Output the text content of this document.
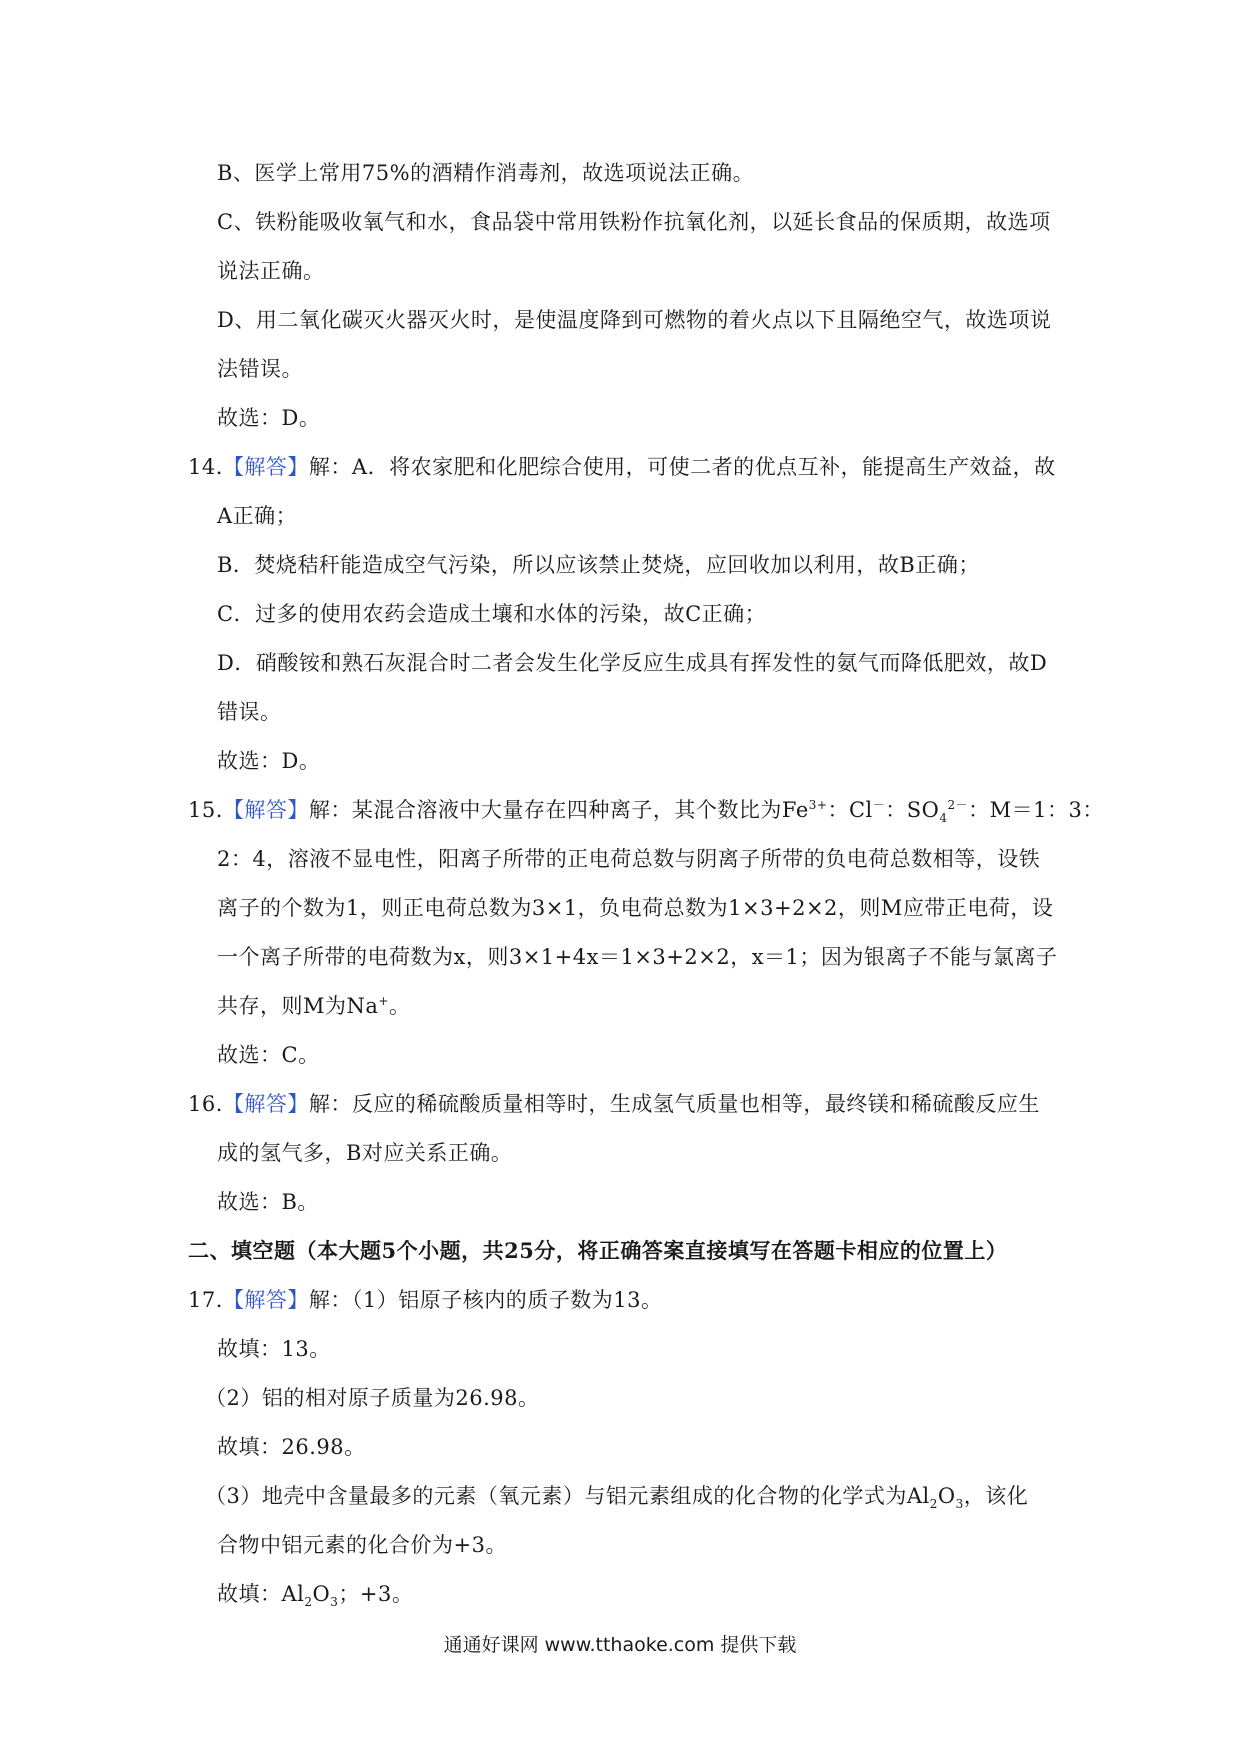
B、医学上常用75%的酒精作消毒剂，故选项说法正确。
C、铁粉能吸收氧气和水，食品袋中常用铁粉作抗氧化剂，以延长食品的保质期，故选项
说法正确。
D、用二氧化碳灭火器灭火时，是使温度降到可燃物的着火点以下且隔绝空气，故选项说
法错误。
故选：D。
14.【解答】解：A．将农家肥和化肥综合使用，可使二者的优点互补，能提高生产效益，故
A正确；
B．焚烧秸秆能造成空气污染，所以应该禁止焚烧，应回收加以利用，故B正确；
C．过多的使用农药会造成土壤和水体的污染，故C正确；
D．硝酸铵和熟石灰混合时二者会发生化学反应生成具有挥发性的氨气而降低肥效，故D
错误。
故选：D。
15.【解答】解：某混合溶液中大量存在四种离子，其个数比为$Fe^{3+}$：Cl－：$SO_4^{2-}$：M＝1：3：
2：4，溶液不显电性，阳离子所带的正电荷总数与阴离子所带的负电荷总数相等，设铁
离子的个数为1，则正电荷总数为3×1，负电荷总数为1×3+2×2，则M应带正电荷，设
一个离子所带的电荷数为x，则3×1+4x＝1×3+2×2，x＝1；因为银离子不能与氯离子
共存，则M为Na+。
故选：C。
16.【解答】解：反应的稀硫酸质量相等时，生成氢气质量也相等，最终镁和稀硫酸反应生
成的氢气多，B对应关系正确。
故选：B。
二、填空题（本大题5个小题，共25分，将正确答案直接填写在答题卡相应的位置上）
17.【解答】解：（1）铝原子核内的质子数为13。
故填：13。
（2）铝的相对原子质量为26.98。
故填：26.98。
（3）地壳中含量最多的元素（氧元素）与铝元素组成的化合物的化学式为$Al_2O_3$，该化
合物中铝元素的化合价为+3。
故填：$Al_2O_3$；+3。
通通好课网 www.tthaoke.com 提供下载
